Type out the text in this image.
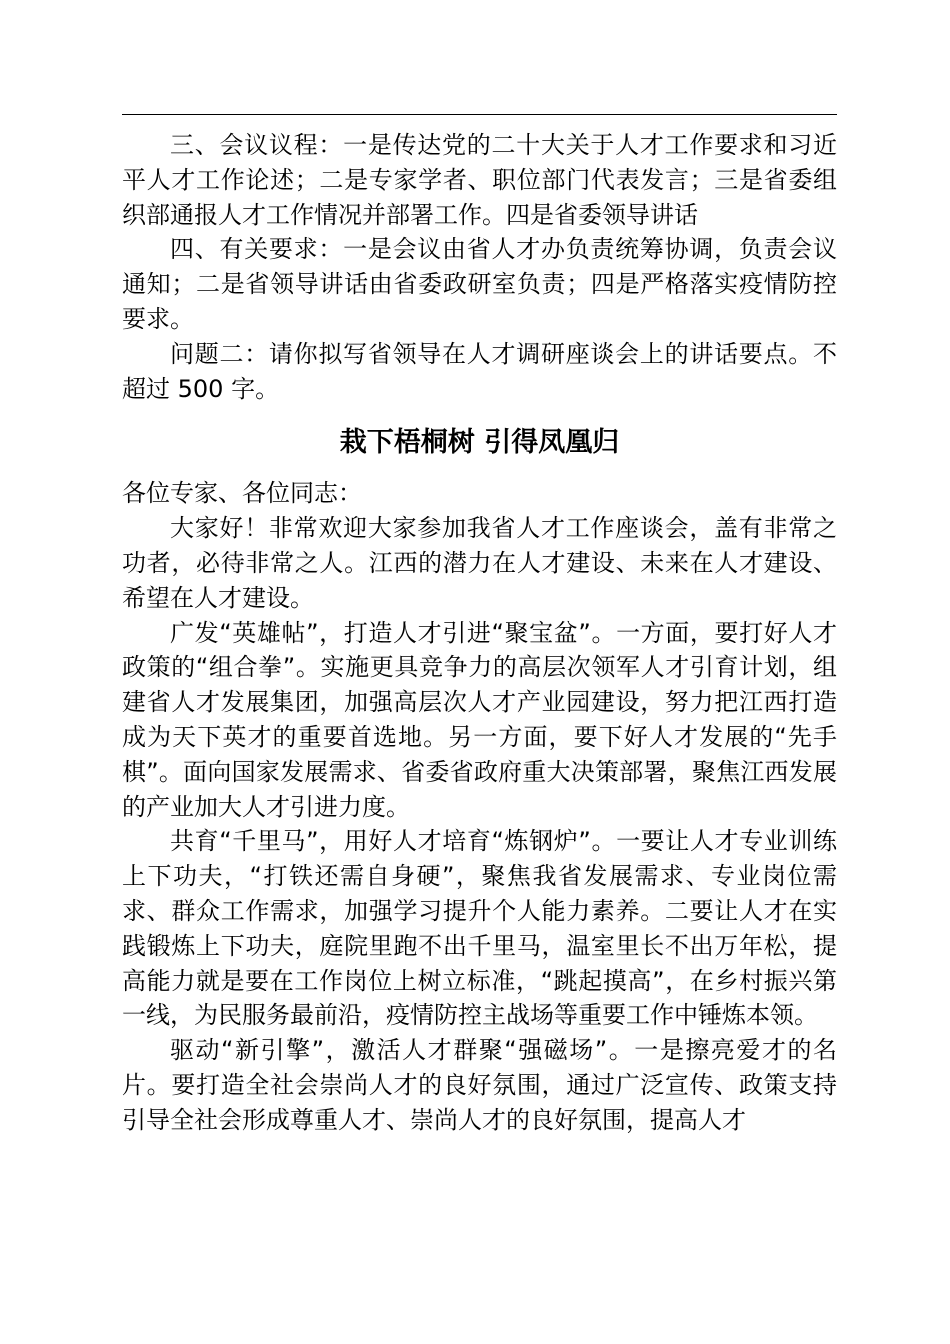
三、会议议程：一是传达党的二十大关于人才工作要求和习近平人才工作论述；二是专家学者、职位部门代表发言；三是省委组织部通报人才工作情况并部署工作。四是省委领导讲话

四、有关要求：一是会议由省人才办负责统筹协调，负责会议通知；二是省领导讲话由省委政研室负责；四是严格落实疫情防控要求。

问题二：请你拟写省领导在人才调研座谈会上的讲话要点。不超过 500 字。

栽下梧桐树 引得凤凰归

各位专家、各位同志：

大家好！非常欢迎大家参加我省人才工作座谈会，盖有非常之功者，必待非常之人。江西的潜力在人才建设、未来在人才建设、希望在人才建设。

广发“英雄帖”，打造人才引进“聚宝盆”。一方面，要打好人才政策的“组合拳”。实施更具竞争力的高层次领军人才引育计划，组建省人才发展集团，加强高层次人才产业园建设，努力把江西打造成为天下英才的重要首选地。另一方面，要下好人才发展的“先手棋”。面向国家发展需求、省委省政府重大决策部署，聚焦江西发展的产业加大人才引进力度。

共育“千里马”，用好人才培育“炼钢炉”。一要让人才专业训练上下功夫，“打铁还需自身硬”，聚焦我省发展需求、专业岗位需求、群众工作需求，加强学习提升个人能力素养。二要让人才在实践锻炼上下功夫，庭院里跑不出千里马，温室里长不出万年松，提高能力就是要在工作岗位上树立标准，“跳起摸高”，在乡村振兴第一线，为民服务最前沿，疫情防控主战场等重要工作中锤炼本领。

驱动“新引擎”，激活人才群聚“强磁场”。一是擦亮爱才的名片。要打造全社会崇尚人才的良好氛围，通过广泛宣传、政策支持引导全社会形成尊重人才、崇尚人才的良好氛围，提高人才
